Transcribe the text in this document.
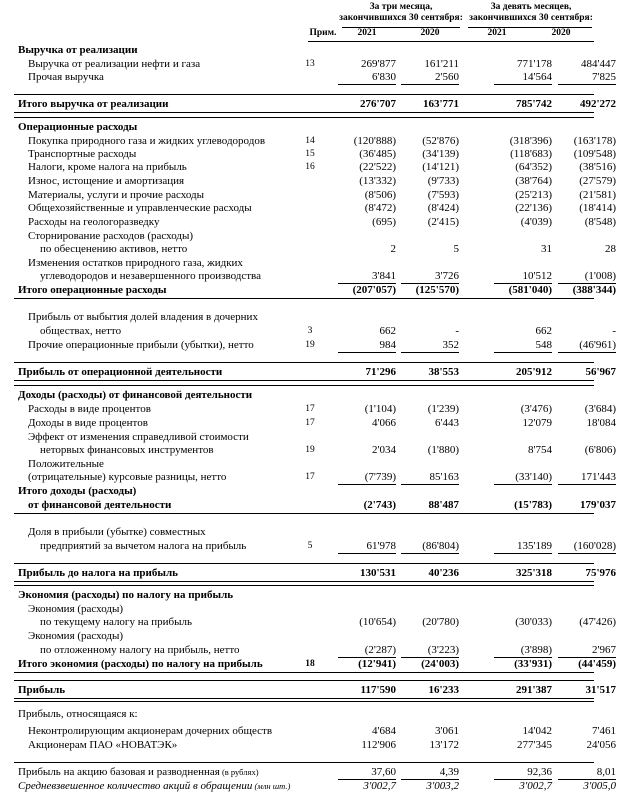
За три месяца, закончившихся 30 сентября:
За девять месяцев, закончившихся 30 сентября:
2021	2020	2021	2020
Прим.
Выручка от реализации
Выручка от реализации нефти и газа	13	269'877	161'211	771'178	484'447
Прочая выручка	6'830	2'560	14'564	7'825
Итого выручка от реализации	276'707	163'771	785'742	492'272
Операционные расходы
Покупка природного газа и жидких углеводородов	14	(120'888)	(52'876)	(318'396)	(163'178)
Транспортные расходы	15	(36'485)	(34'139)	(118'683)	(109'548)
Налоги, кроме налога на прибыль	16	(22'522)	(14'121)	(64'352)	(38'516)
Износ, истощение и амортизация	(13'332)	(9'733)	(38'764)	(27'579)
Материалы, услуги и прочие расходы	(8'506)	(7'593)	(25'213)	(21'581)
Общехозяйственные и управленческие расходы	(8'472)	(8'424)	(22'136)	(18'414)
Расходы на геологоразведку	(695)	(2'415)	(4'039)	(8'548)
Сторнирование расходов (расходы)
по обесценению активов, нетто	2	5	31	28
Изменения остатков природного газа, жидких
углеводородов и незавершенного производства	3'841	3'726	10'512	(1'008)
Итого операционные расходы	(207'057)	(125'570)	(581'040)	(388'344)
Прибыль от выбытия долей владения в дочерних
обществах, нетто	3	662	-	662	-
Прочие операционные прибыли (убытки), нетто	19	984	352	548	(46'961)
Прибыль от операционной деятельности	71'296	38'553	205'912	56'967
Доходы (расходы) от финансовой деятельности
Расходы в виде процентов	17	(1'104)	(1'239)	(3'476)	(3'684)
Доходы в виде процентов	17	4'066	6'443	12'079	18'084
Эффект от изменения справедливой стоимости
неторвых финансовых инструментов	19	2'034	(1'880)	8'754	(6'806)
Положительные
(отрицательные) курсовые разницы, нетто	17	(7'739)	85'163	(33'140)	171'443
Итого доходы (расходы)
от финансовой деятельности	(2'743)	88'487	(15'783)	179'037
Доля в прибыли (убытке) совместных
предприятий за вычетом налога на прибыль	5	61'978	(86'804)	135'189	(160'028)
Прибыль до налога на прибыль	130'531	40'236	325'318	75'976
Экономия (расходы) по налогу на прибыль
Экономия (расходы)
по текущему налогу на прибыль	(10'654)	(20'780)	(30'033)	(47'426)
Экономия (расходы)
по отложенному налогу на прибыль, нетто	(2'287)	(3'223)	(3'898)	2'967
Итого экономия (расходы) по налогу на прибыль	18	(12'941)	(24'003)	(33'931)	(44'459)
Прибыль	117'590	16'233	291'387	31'517
Прибыль, относящаяся к:
Неконтролирующим акционерам дочерних обществ	4'684	3'061	14'042	7'461
Акционерам ПАО «НОВАТЭК»	112'906	13'172	277'345	24'056
Прибыль на акцию базовая и разводненная (в рублях)	37,60	4,39	92,36	8,01
Средневзвешенное количество акций в обращении (млн шт.)	3'002,7	3'003,2	3'002,7	3'005,0
